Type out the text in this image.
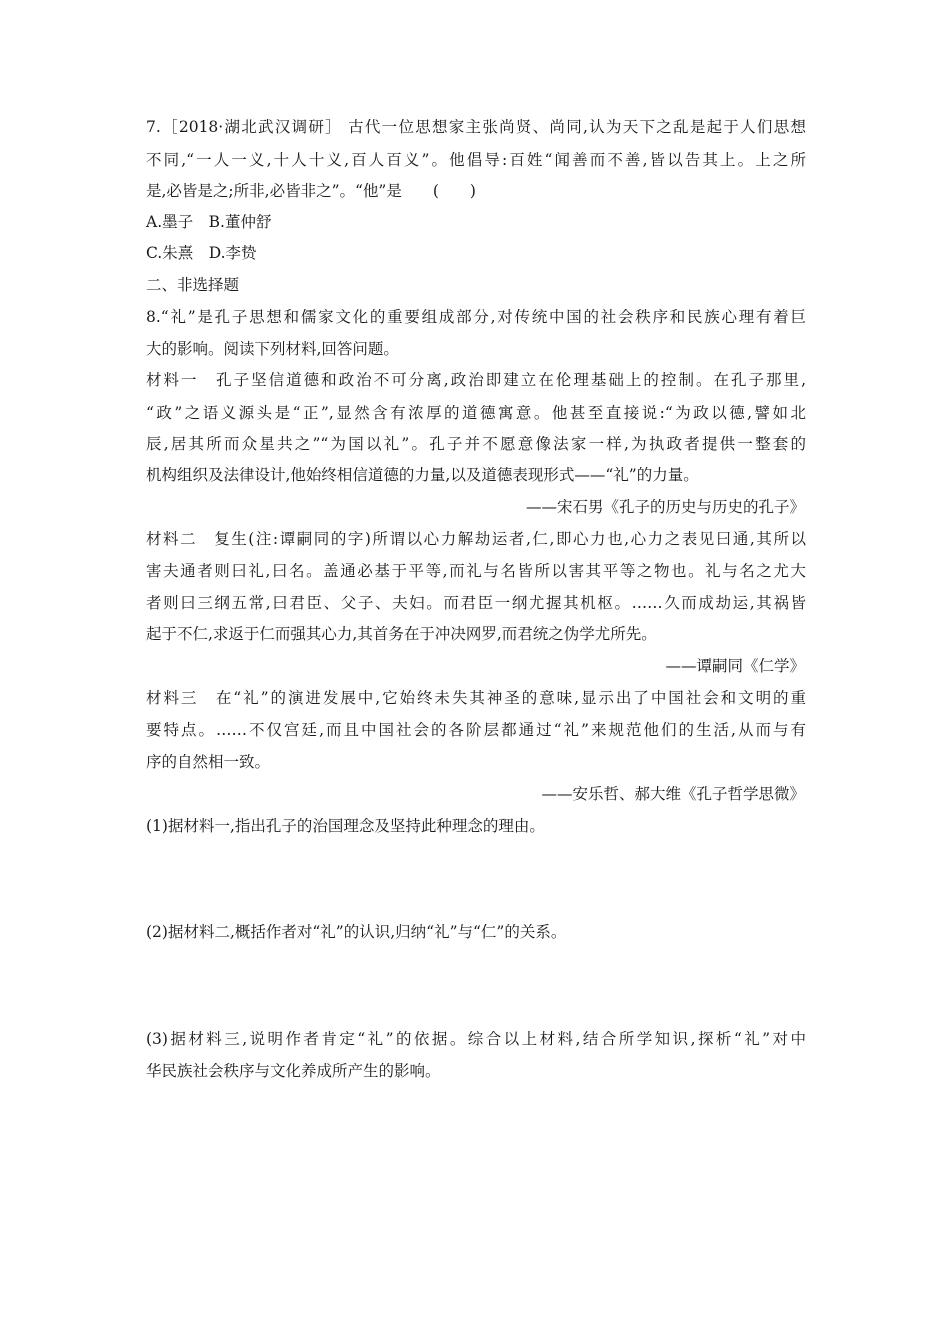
7.［2018·湖北武汉调研］ 古代一位思想家主张尚贤、尚同,认为天下之乱是起于人们思想

不同,“一人一义,十人十义,百人百义”。他倡导:百姓“闻善而不善,皆以告其上。上之所

是,必皆是之;所非,必皆非之”。“他”是　　(　　)

A.墨子　B.董仲舒

C.朱熹　D.李贽

二、非选择题

8.“礼”是孔子思想和儒家文化的重要组成部分,对传统中国的社会秩序和民族心理有着巨

大的影响。阅读下列材料,回答问题。

材料一　孔子坚信道德和政治不可分离,政治即建立在伦理基础上的控制。在孔子那里,

“政”之语义源头是“正”,显然含有浓厚的道德寓意。他甚至直接说:“为政以德,譬如北

辰,居其所而众星共之”“为国以礼”。孔子并不愿意像法家一样,为执政者提供一整套的

机构组织及法律设计,他始终相信道德的力量,以及道德表现形式——“礼”的力量。

——宋石男《孔子的历史与历史的孔子》

材料二　复生(注:谭嗣同的字)所谓以心力解劫运者,仁,即心力也,心力之表见曰通,其所以

害夫通者则曰礼,曰名。盖通必基于平等,而礼与名皆所以害其平等之物也。礼与名之尤大

者则曰三纲五常,曰君臣、父子、夫妇。而君臣一纲尤握其机枢。……久而成劫运,其祸皆

起于不仁,求返于仁而强其心力,其首务在于冲决网罗,而君统之伪学尤所先。

——谭嗣同《仁学》

材料三　在“礼”的演进发展中,它始终未失其神圣的意味,显示出了中国社会和文明的重

要特点。……不仅宫廷,而且中国社会的各阶层都通过“礼”来规范他们的生活,从而与有

序的自然相一致。

——安乐哲、郝大维《孔子哲学思微》

(1)据材料一,指出孔子的治国理念及坚持此种理念的理由。

(2)据材料二,概括作者对“礼”的认识,归纳“礼”与“仁”的关系。

(3)据材料三,说明作者肯定“礼”的依据。综合以上材料,结合所学知识,探析“礼”对中

华民族社会秩序与文化养成所产生的影响。
